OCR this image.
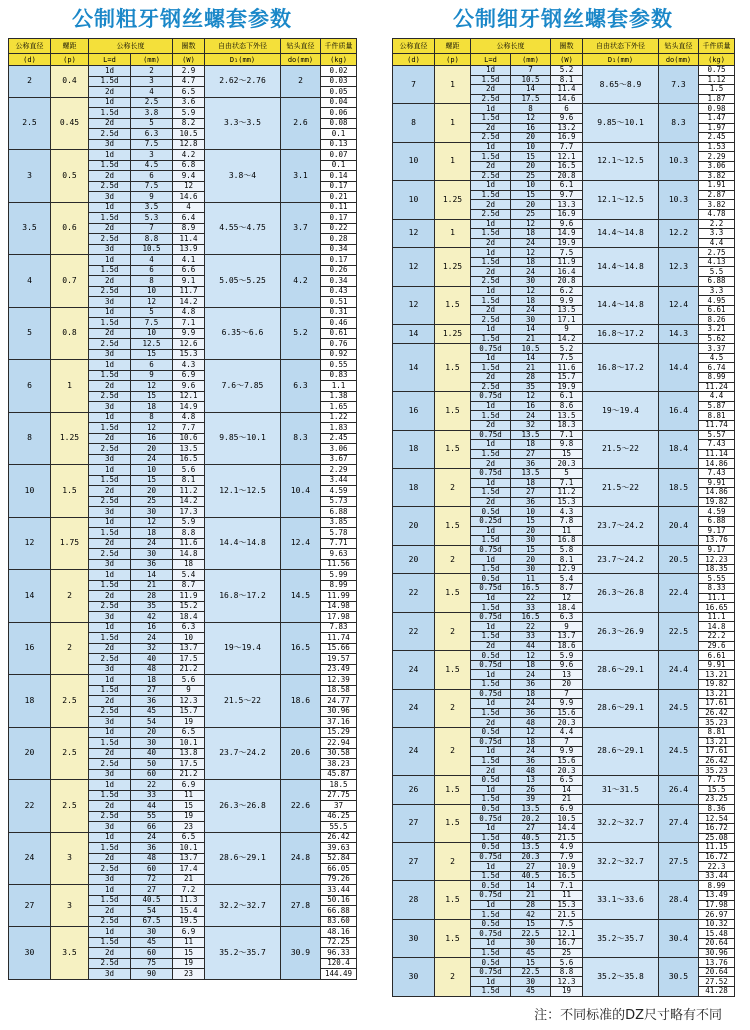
公制粗牙钢丝螺套参数
公称直径	螺距	公称长度		圈数	自由状态下外径	钻头直径	千件质量
(d)	(p)	L=d	(mm)	(W)	D₁(mm)	do(mm)	(kg)
2	0.4	1d	2	2.9	2.62～2.76	2	0.02
		1.5d	3	4.7			0.03
		2d	4	6.5			0.05
2.5	0.45	1d	2.5	3.6	3.3～3.5	2.6	0.04
		1.5d	3.8	5.9			0.06
		2d	5	8.2			0.08
		2.5d	6.3	10.5			0.1
		3d	7.5	12.8			0.13
3	0.5	1d	3	4.2	3.8～4	3.1	0.07
		1.5d	4.5	6.8			0.1
		2d	6	9.4			0.14
		2.5d	7.5	12			0.17
		3d	9	14.6			0.21
3.5	0.6	1d	3.5	4	4.55～4.75	3.7	0.11
		1.5d	5.3	6.4			0.17
		2d	7	8.9			0.22
		2.5d	8.8	11.4			0.28
		3d	10.5	13.9			0.34
4	0.7	1d	4	4.1	5.05～5.25	4.2	0.17
		1.5d	6	6.6			0.26
		2d	8	9.1			0.34
		2.5d	10	11.7			0.43
		3d	12	14.2			0.51
5	0.8	1d	5	4.8	6.35～6.6	5.2	0.31
		1.5d	7.5	7.1			0.46
		2d	10	9.9			0.61
		2.5d	12.5	12.6			0.76
		3d	15	15.3			0.92
6	1	1d	6	4.3	7.6～7.85	6.3	0.55
		1.5d	9	6.9			0.83
		2d	12	9.6			1.1
		2.5d	15	12.1			1.38
		3d	18	14.9			1.65
8	1.25	1d	8	4.8	9.85～10.1	8.3	1.22
		1.5d	12	7.7			1.83
		2d	16	10.6			2.45
		2.5d	20	13.5			3.06
		3d	24	16.5			3.67
10	1.5	1d	10	5.6	12.1～12.5	10.4	2.29
		1.5d	15	8.1			3.44
		2d	20	11.2			4.59
		2.5d	25	14.2			5.73
		3d	30	17.3			6.88
12	1.75	1d	12	5.9	14.4～14.8	12.4	3.85
		1.5d	18	8.8			5.78
		2d	24	11.6			7.71
		2.5d	30	14.8			9.63
		3d	36	18			11.56
14	2	1d	14	5.4	16.8～17.2	14.5	5.99
		1.5d	21	8.7			8.99
		2d	28	11.9			11.99
		2.5d	35	15.2			14.98
		3d	42	18.4			17.98
16	2	1d	16	6.3	19～19.4	16.5	7.83
		1.5d	24	10			11.74
		2d	32	13.7			15.66
		2.5d	40	17.5			19.57
		3d	48	21.2			23.49
18	2.5	1d	18	5.6	21.5～22	18.6	12.39
		1.5d	27	9			18.58
		2d	36	12.3			24.77
		2.5d	45	15.7			30.96
		3d	54	19			37.16
20	2.5	1d	20	6.5	23.7～24.2	20.6	15.29
		1.5d	30	10.1			22.94
		2d	40	13.8			30.58
		2.5d	50	17.5			38.23
		3d	60	21.2			45.87
22	2.5	1d	22	6.9	26.3～26.8	22.6	18.5
		1.5d	33	11			27.75
		2d	44	15			37
		2.5d	55	19			46.25
		3d	66	23			55.5
24	3	1d	24	6.5	28.6～29.1	24.8	26.42
		1.5d	36	10.1			39.63
		2d	48	13.7			52.84
		2.5d	60	17.4			66.05
		3d	72	21			79.26
27	3	1d	27	7.2	32.2～32.7	27.8	33.44
		1.5d	40.5	11.3			50.16
		2d	54	15.4			66.88
		2.5d	67.5	19.5			83.60
30	3.5	1d	30	6.9	35.2～35.7	30.9	48.16
		1.5d	45	11			72.25
		2d	60	15			96.33
		2.5d	75	19			120.4
		3d	90	23			144.49
公制细牙钢丝螺套参数
公称直径	螺距	公称长度		圈数	自由状态下外径	钻头直径	千件质量
(d)	(p)	L=d	(mm)	(W)	D₁(mm)	do(mm)	(kg)
7	1	1d	7	5.2	8.65～8.9	7.3	0.75
		1.5d	10.5	8.1			1.12
		2d	14	11.4			1.5
		2.5d	17.5	14.6			1.87
8	1	1d	8	6	9.85～10.1	8.3	0.98
		1.5d	12	9.6			1.47
		2d	16	13.2			1.97
		2.5d	20	16.9			2.45
10	1	1d	10	7.7	12.1～12.5	10.3	1.53
		1.5d	15	12.1			2.29
		2d	20	16.5			3.06
		2.5d	25	20.8			3.82
10	1.25	1d	10	6.1	12.1～12.5	10.3	1.91
		1.5d	15	9.7			2.87
		2d	20	13.3			3.82
		2.5d	25	16.9			4.78
12	1	1d	12	9.6	14.4～14.8	12.2	2.2
		1.5d	18	14.9			3.3
		2d	24	19.9			4.4
12	1.25	1d	12	7.5	14.4～14.8	12.3	2.75
		1.5d	18	11.9			4.13
		2d	24	16.4			5.5
		2.5d	30	20.8			6.88
12	1.5	1d	12	6.2	14.4～14.8	12.4	3.3
		1.5d	18	9.9			4.95
		2d	24	13.5			6.61
		2.5d	30	17.1			8.26
14	1.25	1d	14	9	16.8～17.2	14.3	3.21
		1.5d	21	14.2			5.62
14	1.5	0.75d	10.5	5.2	16.8～17.2	14.4	3.37
		1d	14	7.5			4.5
		1.5d	21	11.6			6.74
		2d	28	15.7			8.99
		2.5d	35	19.9			11.24
16	1.5	0.75d	12	6.1	19～19.4	16.4	4.4
		1d	16	8.6			5.87
		1.5d	24	13.5			8.81
		2d	32	18.3			11.74
18	1.5	0.75d	13.5	7.1	21.5～22	18.4	5.57
		1d	18	9.8			7.43
		1.5d	27	15			11.14
		2d	36	20.3			14.86
18	2	0.75d	13.5	5	21.5～22	18.5	7.43
		1d	18	7.1			9.91
		1.5d	27	11.2			14.86
		2d	36	15.3			19.82
20	1.5	0.5d	10	4.3	23.7～24.2	20.4	4.59
		0.25d	15	7.8			6.88
		1d	20	11			9.17
		1.5d	30	16.8			13.76
20	2	0.75d	15	5.8	23.7～24.2	20.5	9.17
		1d	20	8.1			12.23
		1.5d	30	12.9			18.35
22	1.5	0.5d	11	5.4	26.3～26.8	22.4	5.55
		0.75d	16.5	8.7			8.33
		1d	22	12			11.1
		1.5d	33	18.4			16.65
22	2	0.75d	16.5	6.3	26.3～26.9	22.5	11.1
		1d	22	9			14.8
		1.5d	33	13.7			22.2
		2d	44	18.6			29.6
24	1.5	0.5d	12	5.9	28.6～29.1	24.4	6.61
		0.75d	18	9.6			9.91
		1d	24	13			13.21
		1.5d	36	20			19.82
24	2	0.75d	18	7	28.6～29.1	24.5	13.21
		1d	24	9.9			17.61
		1.5d	36	15.6			26.42
		2d	48	20.3			35.23
24	2	0.5d	12	4.4	28.6～29.1	24.5	8.81
		0.75d	18	7			13.21
		1d	24	9.9			17.61
		1.5d	36	15.6			26.42
		2d	48	20.3			35.23
26	1.5	0.5d	13	6.5	31～31.5	26.4	7.75
		1d	26	14			15.5
		1.5d	39	21			23.25
27	1.5	0.5d	13.5	6.9	32.2～32.7	27.4	8.36
		0.75d	20.2	10.5			12.54
		1d	27	14.4			16.72
		1.5d	40.5	21.5			25.08
27	2	0.5d	13.5	4.9	32.2～32.7	27.5	11.15
		0.75d	20.3	7.9			16.72
		1d	27	10.9			22.3
		1.5d	40.5	16.5			33.44
28	1.5	0.5d	14	7.1	33.1～33.6	28.4	8.99
		0.75d	21	11			13.49
		1d	28	15.3			17.98
		1.5d	42	21.5			26.97
30	1.5	0.5d	15	7.5	35.2～35.7	30.4	10.32
		0.75d	22.5	12.1			15.48
		1d	30	16.7			20.64
		1.5d	45	25			30.96
30	2	0.5d	15	5.6	35.2～35.8	30.5	13.76
		0.75d	22.5	8.8			20.64
		1d	30	12.3			27.52
		1.5d	45	19			41.28
注：不同标准的DZ尺寸略有不同
